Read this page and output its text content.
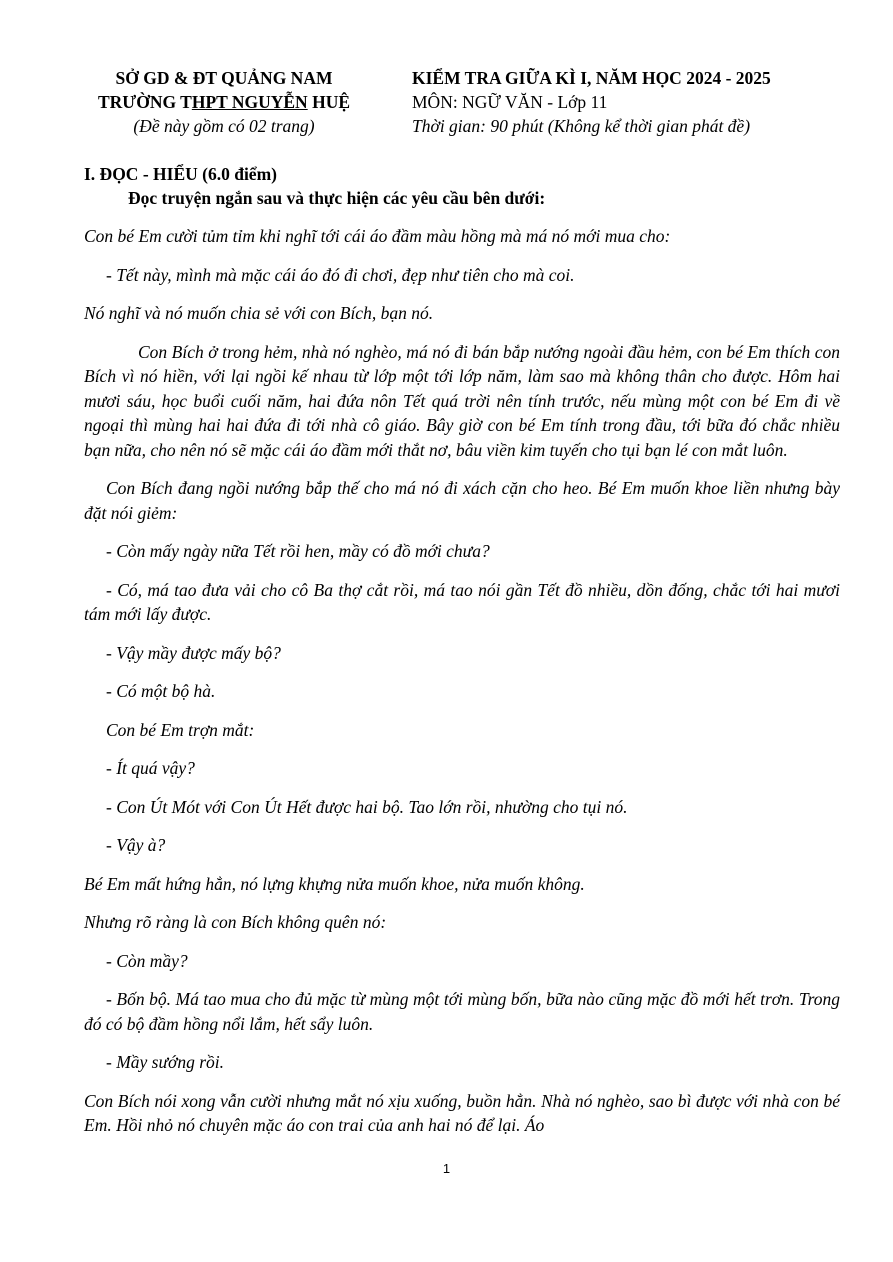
SỞ GD & ĐT QUẢNG NAM
TRƯỜNG THPT NGUYỄN HUỆ
(Đề này gồm có 02 trang)
KIỂM TRA GIỮA KÌ I, NĂM HỌC 2024 - 2025
MÔN: NGỮ VĂN - Lớp 11
Thời gian: 90 phút (Không kể thời gian phát đề)
I. ĐỌC - HIỂU (6.0 điểm)
Đọc truyện ngắn sau và thực hiện các yêu cầu bên dưới:

Con bé Em cười tủm tỉm khi nghĩ tới cái áo đầm màu hồng mà má nó mới mua cho:

- Tết này, mình mà mặc cái áo đó đi chơi, đẹp như tiên cho mà coi.

Nó nghĩ và nó muốn chia sẻ với con Bích, bạn nó.

Con Bích ở trong hẻm, nhà nó nghèo, má nó đi bán bắp nướng ngoài đầu hẻm, con bé Em thích con Bích vì nó hiền, với lại ngồi kế nhau từ lớp một tới lớp năm, làm sao mà không thân cho được. Hôm hai mươi sáu, học buổi cuối năm, hai đứa nôn Tết quá trời nên tính trước, nếu mùng một con bé Em đi về ngoại thì mùng hai hai đứa đi tới nhà cô giáo. Bây giờ con bé Em tính trong đầu, tới bữa đó chắc nhiều bạn nữa, cho nên nó sẽ mặc cái áo đầm mới thắt nơ, bâu viền kim tuyến cho tụi bạn lé con mắt luôn.

Con Bích đang ngồi nướng bắp thế cho má nó đi xách cặn cho heo. Bé Em muốn khoe liền nhưng bày đặt nói giẻm:

- Còn mấy ngày nữa Tết rồi hen, mầy có đồ mới chưa?

- Có, má tao đưa vải cho cô Ba thợ cắt rồi, má tao nói gần Tết đồ nhiều, dồn đống, chắc tới hai mươi tám mới lấy được.

- Vậy mầy được mấy bộ?

- Có một bộ hà.

Con bé Em trợn mắt:

- Ít quá vậy?

- Con Út Mót với Con Út Hết được hai bộ. Tao lớn rồi, nhường cho tụi nó.

- Vậy à?

Bé Em mất hứng hẳn, nó lựng khựng nửa muốn khoe, nửa muốn không.

Nhưng rõ ràng là con Bích không quên nó:

- Còn mầy?

- Bốn bộ. Má tao mua cho đủ mặc từ mùng một tới mùng bốn, bữa nào cũng mặc đồ mới hết trơn. Trong đó có bộ đầm hồng nổi lắm, hết sẩy luôn.

- Mầy sướng rồi.

Con Bích nói xong vẫn cười nhưng mắt nó xịu xuống, buồn hẳn. Nhà nó nghèo, sao bì được với nhà con bé Em. Hồi nhỏ nó chuyên mặc áo con trai của anh hai nó để lại. Áo

1
